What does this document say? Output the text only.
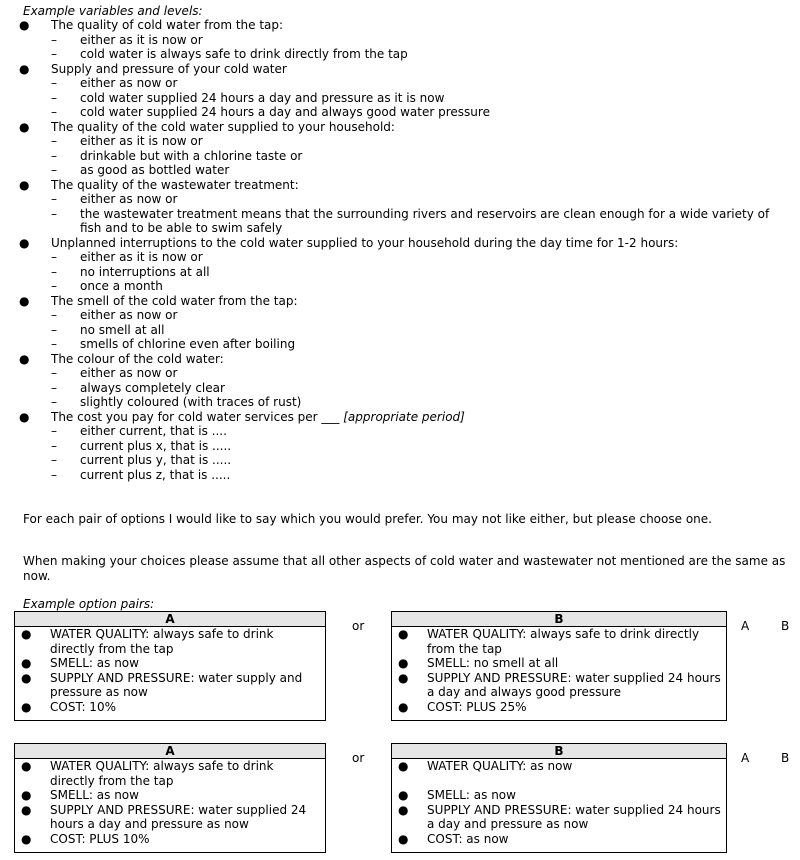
Example variables and levels:
● The quality of cold water from the tap:
– either as it is now or
– cold water is always safe to drink directly from the tap
● Supply and pressure of your cold water
– either as now or
– cold water supplied 24 hours a day and pressure as it is now
– cold water supplied 24 hours a day and always good water pressure
● The quality of the cold water supplied to your household:
– either as it is now or
– drinkable but with a chlorine taste or
– as good as bottled water
● The quality of the wastewater treatment:
– either as now or
– the wastewater treatment means that the surrounding rivers and reservoirs are clean enough for a wide variety of fish and to be able to swim safely
● Unplanned interruptions to the cold water supplied to your household during the day time for 1-2 hours:
– either as it is now or
– no interruptions at all
– once a month
● The smell of the cold water from the tap:
– either as now or
– no smell at all
– smells of chlorine even after boiling
● The colour of the cold water:
– either as now or
– always completely clear
– slightly coloured (with traces of rust)
● The cost you pay for cold water services per ___ [appropriate period]
– either current, that is ....
– current plus x, that is .....
– current plus y, that is .....
– current plus z, that is .....
For each pair of options I would like to say which you would prefer. You may not like either, but please choose one.
When making your choices please assume that all other aspects of cold water and wastewater not mentioned are the same as now.
Example option pairs:
A
● WATER QUALITY: always safe to drink directly from the tap
● SMELL: as now
● SUPPLY AND PRESSURE: water supply and pressure as now
● COST: 10%
or	B
● WATER QUALITY: always safe to drink directly from the tap
● SMELL: no smell at all
● SUPPLY AND PRESSURE: water supplied 24 hours a day and always good pressure
● COST: PLUS 25%
A	B
A
● WATER QUALITY: always safe to drink directly from the tap
● SMELL: as now
● SUPPLY AND PRESSURE: water supplied 24 hours a day and pressure as now
● COST: PLUS 10%
or	B
● WATER QUALITY: as now
● SMELL: as now
● SUPPLY AND PRESSURE: water supplied 24 hours a day and pressure as now
● COST: as now
A	B
